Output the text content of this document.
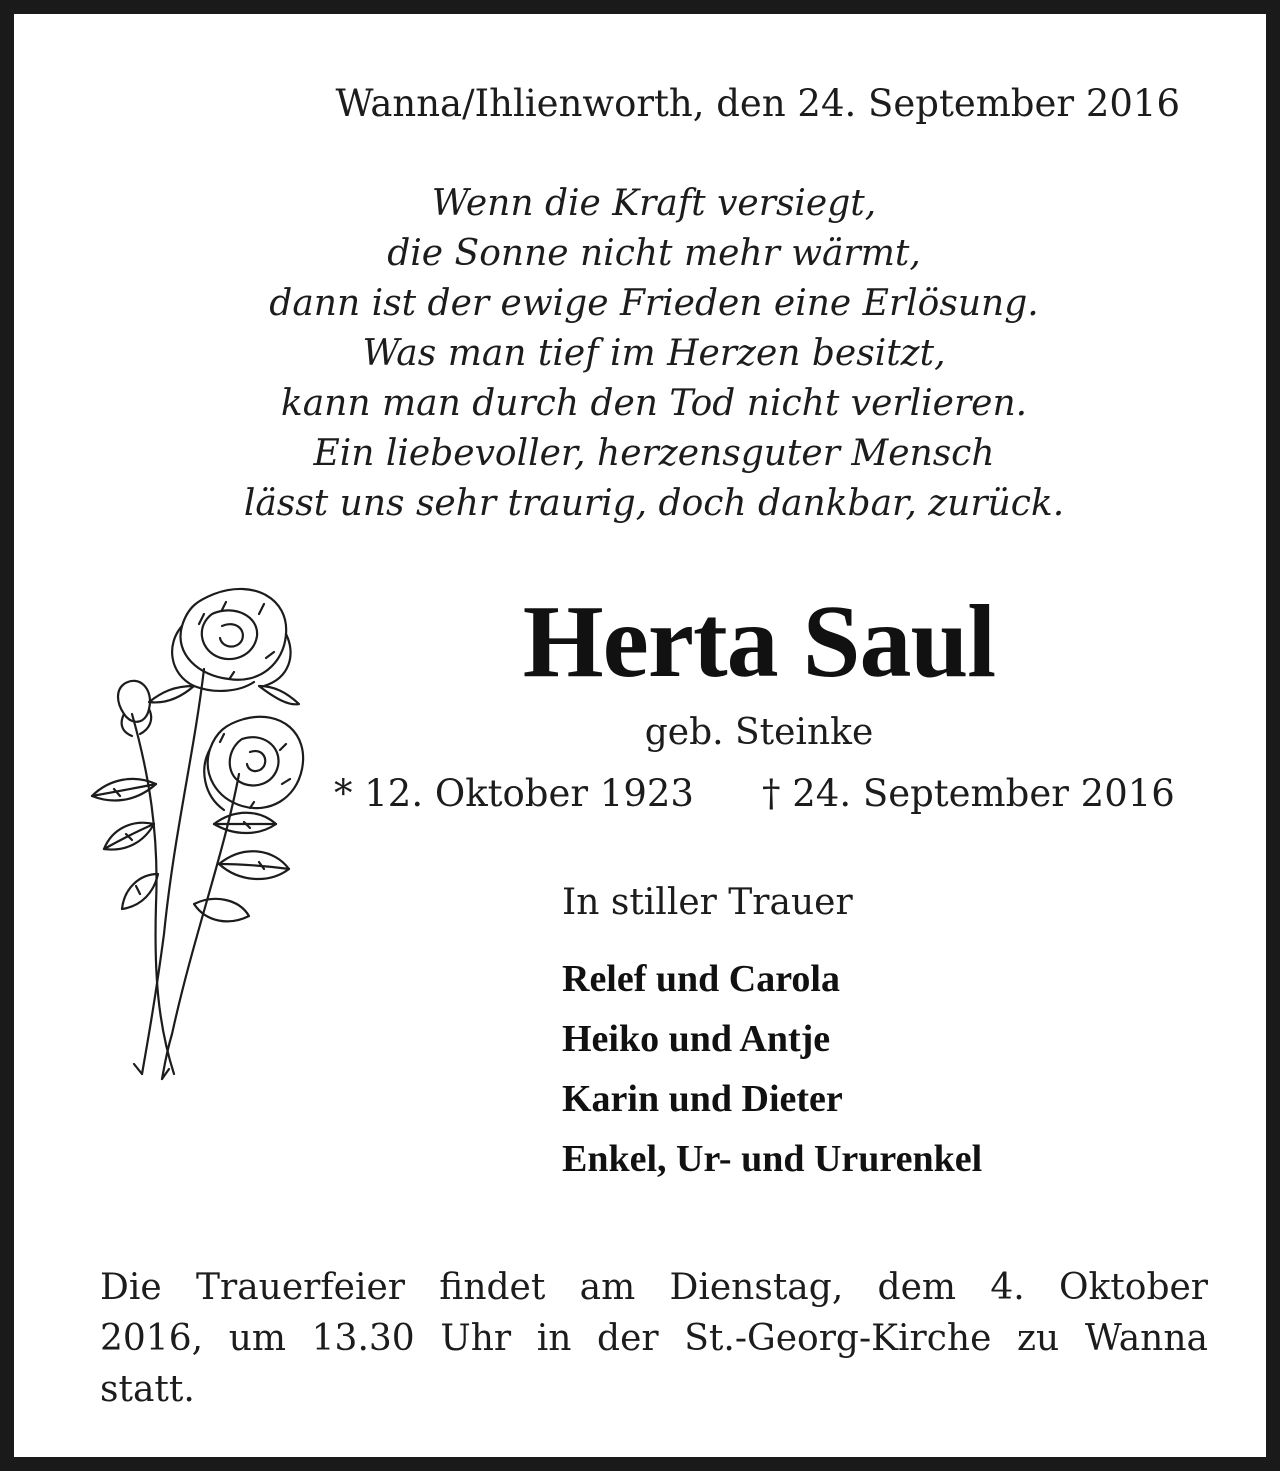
Wanna/Ihlienworth, den 24. September 2016
Wenn die Kraft versiegt,
die Sonne nicht mehr wärmt,
dann ist der ewige Frieden eine Erlösung.
Was man tief im Herzen besitzt,
kann man durch den Tod nicht verlieren.
Ein liebevoller, herzensguter Mensch
lässt uns sehr traurig, doch dankbar, zurück.
Herta Saul
geb. Steinke
* 12. Oktober 1923 † 24. September 2016
In stiller Trauer
Relef und Carola
Heiko und Antje
Karin und Dieter
Enkel, Ur- und Ururenkel
Die Trauerfeier findet am Dienstag, dem 4. Oktober
2016, um 13.30 Uhr in der St.-Georg-Kirche zu Wanna
statt.
